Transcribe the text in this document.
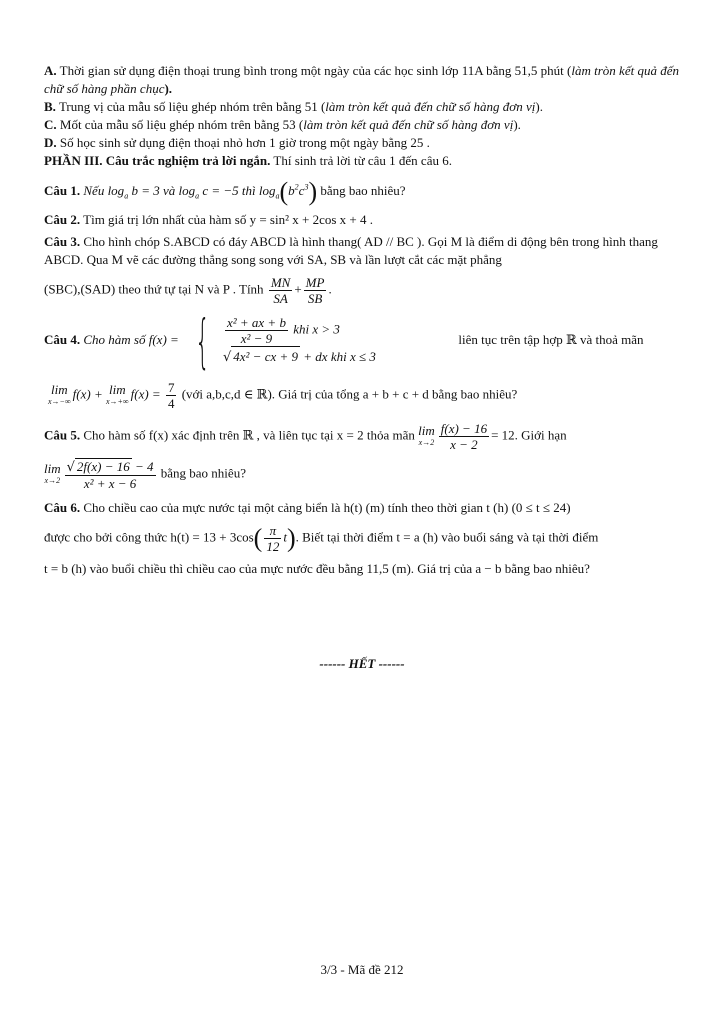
A. Thời gian sử dụng điện thoại trung bình trong một ngày của các học sinh lớp 11A bằng 51,5 phút (làm tròn kết quả đến chữ số hàng phần chục).

B. Trung vị của mẫu số liệu ghép nhóm trên bằng 51 (làm tròn kết quả đến chữ số hàng đơn vị).

C. Mốt của mẫu số liệu ghép nhóm trên bằng 53 (làm tròn kết quả đến chữ số hàng đơn vị).

D. Số học sinh sử dụng điện thoại nhỏ hơn 1 giờ trong một ngày bằng 25 .

PHẦN III. Câu trắc nghiệm trả lời ngắn. Thí sinh trả lời từ câu 1 đến câu 6.

Câu 1. Nếu $\log_a b = 3$ và $\log_a c = -5$ thì $\log_a(b^2c^3)$ bằng bao nhiêu?

Câu 2. Tìm giá trị lớn nhất của hàm số y = sin² x + 2cos x + 4 .

Câu 3. Cho hình chóp S.ABCD có đáy ABCD là hình thang( AD // BC ). Gọi M là điểm di động bên trong hình thang ABCD. Qua M vẽ các đường thẳng song song với SA, SB và lần lượt cắt các mặt phẳng

(SBC),(SAD) theo thứ tự tại N và P . Tính $\frac{MN}{SA} + \frac{MP}{SB}$ .

Câu 4. Cho hàm số f(x) = { $\frac{\text{x² + ax + b}}{\text{x² − 9}}$ khi x > 3
√ 4x² − cx + 9 + dx khi x ≤ 3
liên tục trên tập hợp ℝ và thoả mãn

lim
x→−∞ f(x) + lim
x→+∞ $f(x) = \frac{7}{4}$ (với a,b,c,d ∈ ℝ). Giá trị của tổng a + b + c + d bằng bao nhiêu?

Câu 5. Cho hàm số f(x) xác định trên ℝ , và liên tục tại x = 2 thỏa mãn lim
$x\to 2 \frac{f(x) - 16}{x - 2} = 12$. Giới hạn

lim
$x\to 2 \frac{√ 2f(x) - 16 - 4}{\text{x² + x − 6}}$ bằng bao nhiêu?

Câu 6. Cho chiều cao của mực nước tại một cảng biển là h(t) (m) tính theo thời gian t (h) (0 ≤ t ≤ 24)

được cho bởi công thức $h(t) = 13 + 3\cos( \frac{\pi}{12} t)$. Biết tại thời điểm t = a (h) vào buổi sáng và tại thời điểm

t = b (h) vào buổi chiều thì chiều cao của mực nước đều bằng 11,5 (m). Giá trị của a − b bằng bao nhiêu?

------ HẾT ------
3/3 - Mã đề 212
